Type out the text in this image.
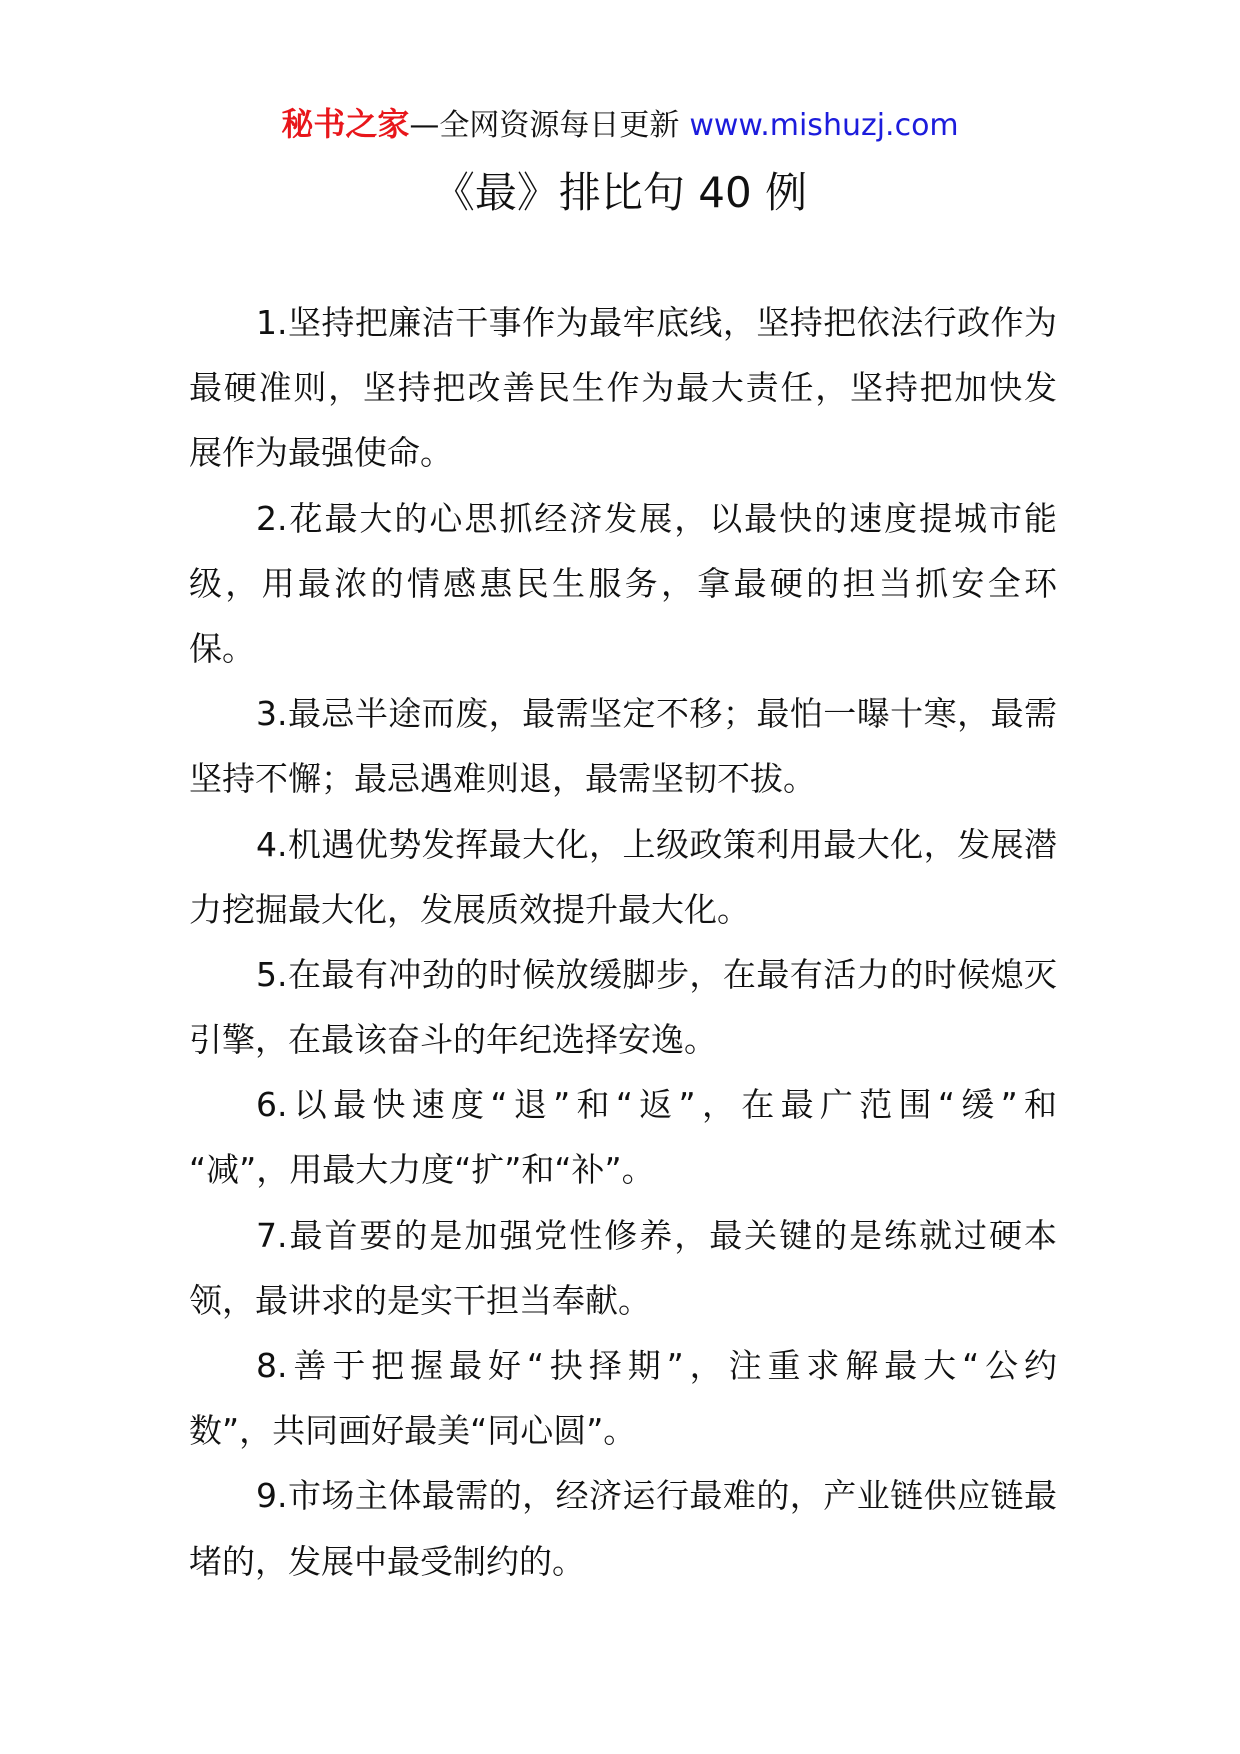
秘书之家—全网资源每日更新 www.mishuzj.com
《最》排比句 40 例
1.坚持把廉洁干事作为最牢底线，坚持把依法行政作为
最硬准则，坚持把改善民生作为最大责任，坚持把加快发
展作为最强使命。
2.花最大的心思抓经济发展，以最快的速度提城市能
级，用最浓的情感惠民生服务，拿最硬的担当抓安全环
保。
3.最忌半途而废，最需坚定不移；最怕一曝十寒，最需
坚持不懈；最忌遇难则退，最需坚韧不拔。
4.机遇优势发挥最大化，上级政策利用最大化，发展潜
力挖掘最大化，发展质效提升最大化。
5.在最有冲劲的时候放缓脚步，在最有活力的时候熄灭
引擎，在最该奋斗的年纪选择安逸。
6.以最快速度“退”和“返”，在最广范围“缓”和
“减”，用最大力度“扩”和“补”。
7.最首要的是加强党性修养，最关键的是练就过硬本
领，最讲求的是实干担当奉献。
8.善于把握最好“抉择期”，注重求解最大“公约
数”，共同画好最美“同心圆”。
9.市场主体最需的，经济运行最难的，产业链供应链最
堵的，发展中最受制约的。
